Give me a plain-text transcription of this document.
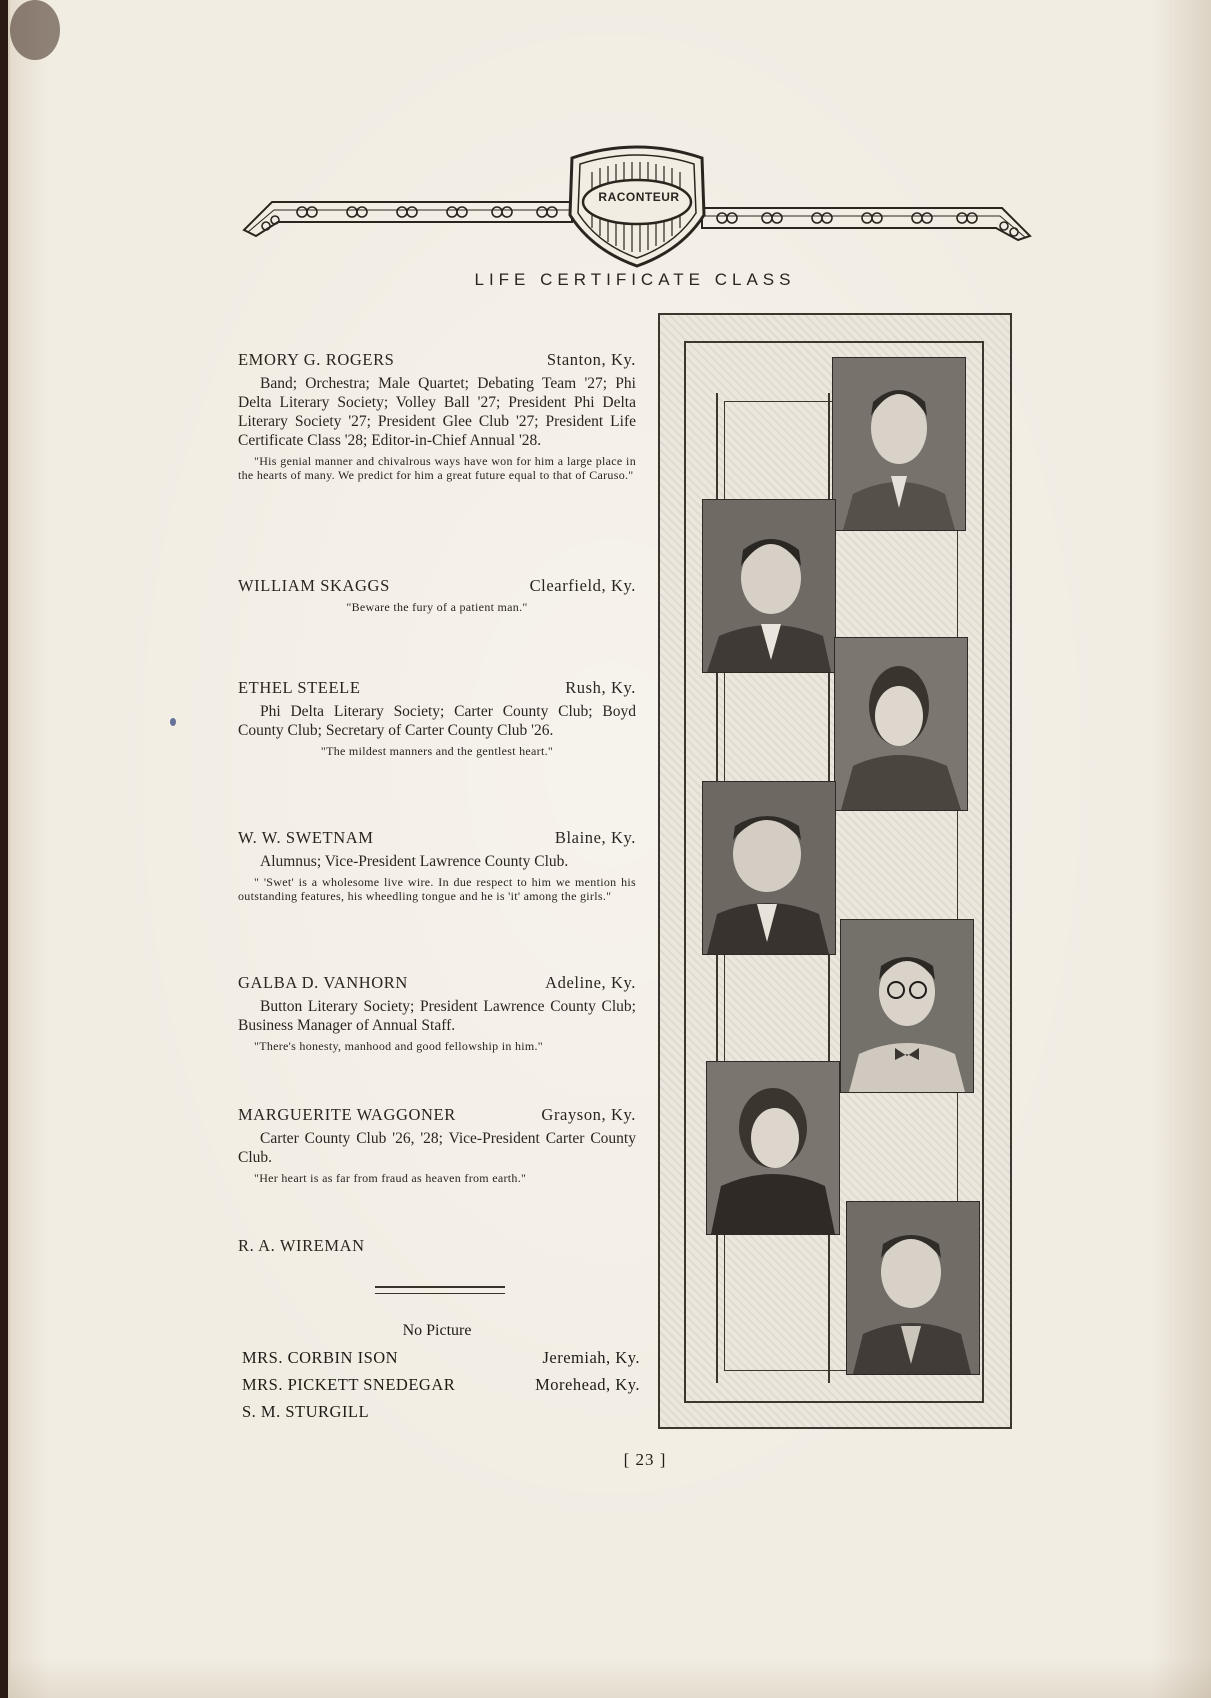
RACONTEUR
LIFE CERTIFICATE CLASS
EMORY G. ROGERS	Stanton, Ky.
Band; Orchestra; Male Quartet; Debating Team '27; Phi Delta Literary Society; Volley Ball '27; President Phi Delta Literary Society '27; President Glee Club '27; President Life Certificate Class '28; Editor-in-Chief Annual '28.
"His genial manner and chivalrous ways have won for him a large place in the hearts of many. We predict for him a great future equal to that of Caruso."
WILLIAM SKAGGS	Clearfield, Ky.
"Beware the fury of a patient man."
ETHEL STEELE	Rush, Ky.
Phi Delta Literary Society; Carter County Club; Boyd County Club; Secretary of Carter County Club '26.
"The mildest manners and the gentlest heart."
W. W. SWETNAM	Blaine, Ky.
Alumnus; Vice-President Lawrence County Club.
" 'Swet' is a wholesome live wire. In due respect to him we mention his outstanding features, his wheedling tongue and he is 'it' among the girls."
GALBA D. VANHORN	Adeline, Ky.
Button Literary Society; President Lawrence County Club; Business Manager of Annual Staff.
"There's honesty, manhood and good fellowship in him."
MARGUERITE WAGGONER	Grayson, Ky.
Carter County Club '26, '28; Vice-President Carter County Club.
"Her heart is as far from fraud as heaven from earth."
R. A. WIREMAN
No Picture
MRS. CORBIN ISON	Jeremiah, Ky.
MRS. PICKETT SNEDEGAR	Morehead, Ky.
S. M. STURGILL
[ 23 ]
